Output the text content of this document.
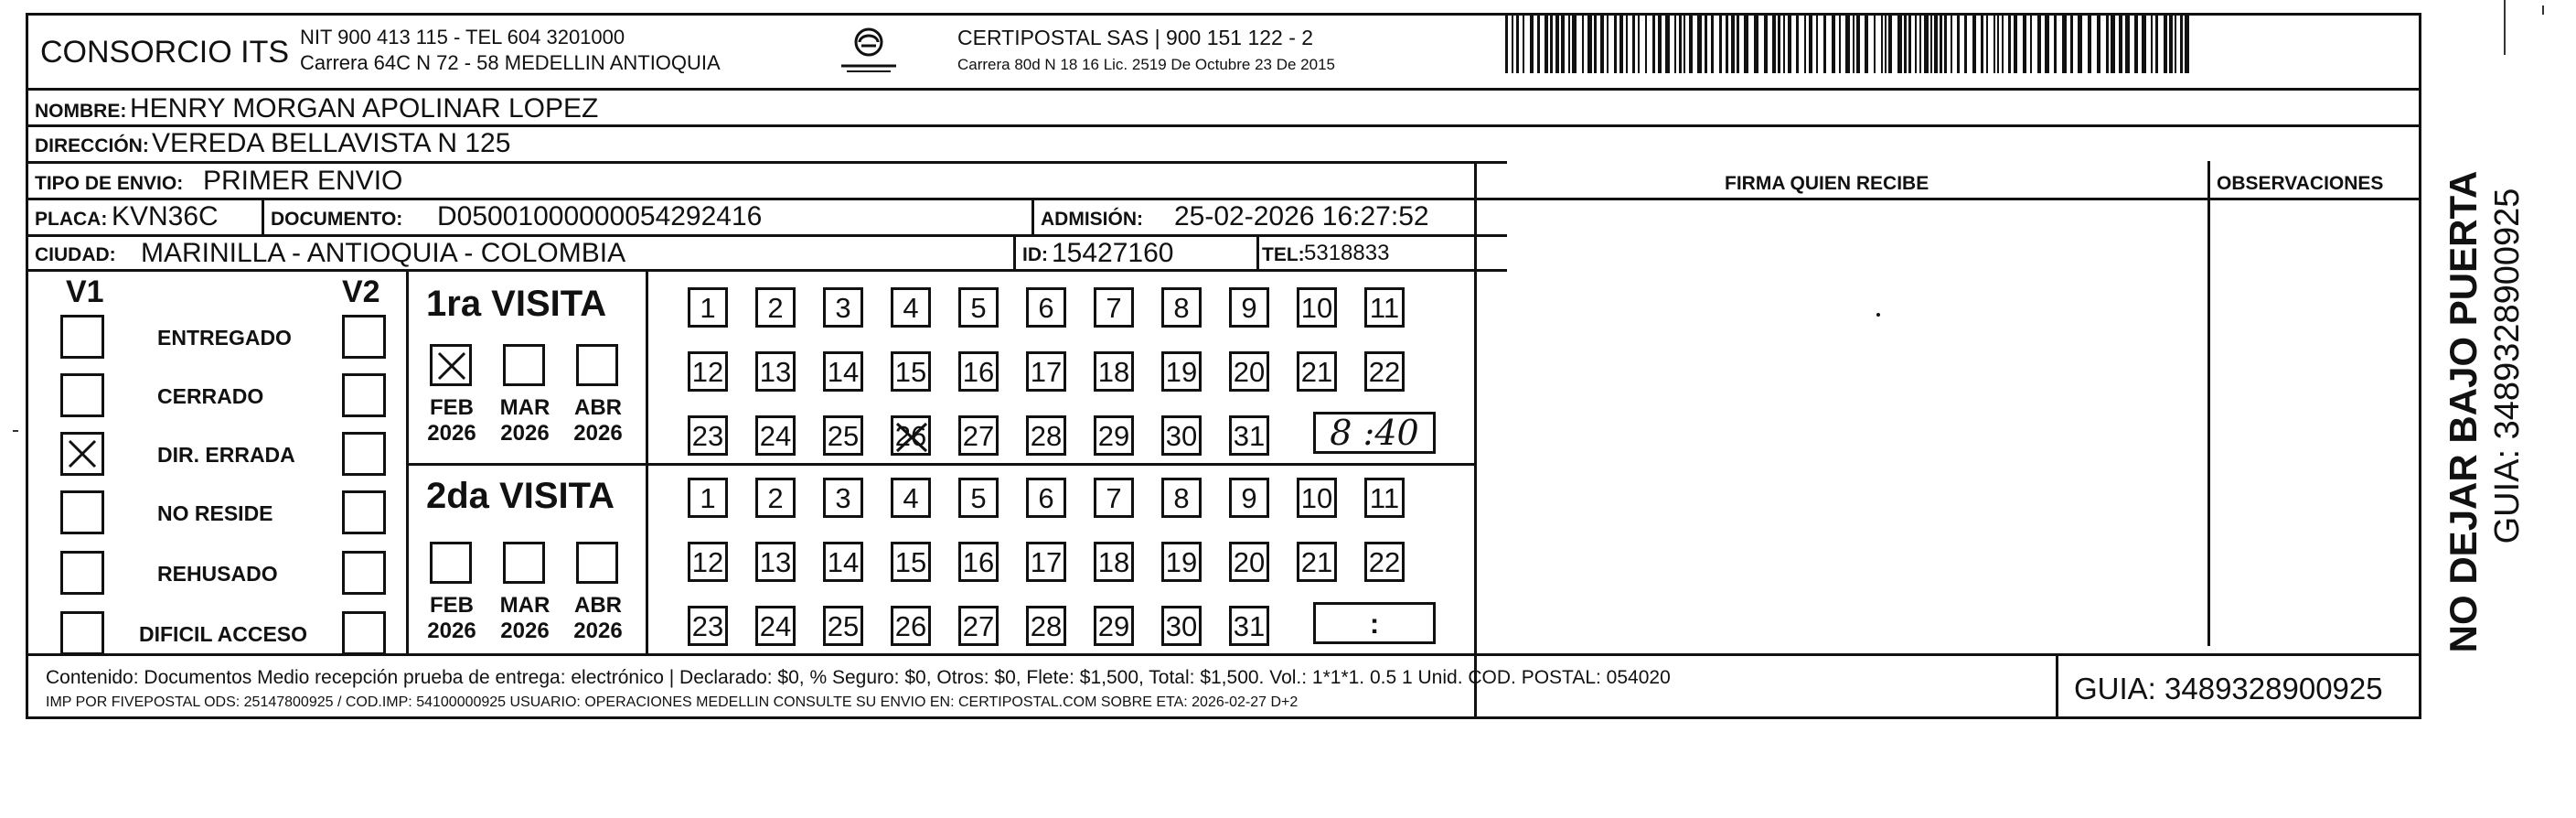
CONSORCIO ITS NIT 900 413 115 - TEL 604 3201000
Carrera 64C N 72 - 58 MEDELLIN ANTIOQUIA
CERTIPOSTAL SAS | 900 151 122 - 2
Carrera 80d N 18 16 Lic. 2519 De Octubre 23 De 2015
NOMBRE: HENRY MORGAN APOLINAR LOPEZ
DIRECCIÓN: VEREDA BELLAVISTA N 125
TIPO DE ENVIO: PRIMER ENVIO	FIRMA QUIEN RECIBE	OBSERVACIONES
PLACA: KVN36C	DOCUMENTO: D05001000000054292416	ADMISIÓN: 25-02-2026 16:27:52
CIUDAD: MARINILLA - ANTIOQUIA - COLOMBIA	ID: 15427160	TEL: 5318833
V1	V2
ENTREGADO
CERRADO
DIR. ERRADA
NO RESIDE
REHUSADO
DIFICIL ACCESO
1ra VISITA
2da VISITA
FEB
2026
MAR
2026
ABR
2026
FEB
2026
MAR
2026
ABR
2026
1	2	3	4	5	6	7	8	9	10 11
12 13 14 15 16 17 18 19 20 21 22
23 24 25 26 27 28 29 30 31
1	2	3	4	5	6	7	8	9	10 11
12 13 14 15 16 17 18 19 20 21 22
23 24 25 26 27 28 29 30 31
8 :40
:
Contenido: Documentos Medio recepción prueba de entrega: electrónico | Declarado: $0, % Seguro: $0, Otros: $0, Flete: $1,500, Total: $1,500. Vol.: 1*1*1. 0.5 1 Unid. COD. POSTAL: 054020
IMP POR FIVEPOSTAL ODS: 25147800925 / COD.IMP: 54100000925 USUARIO: OPERACIONES MEDELLIN CONSULTE SU ENVIO EN: CERTIPOSTAL.COM SOBRE ETA: 2026-02-27 D+2	GUIA: 3489328900925
NO DEJAR BAJO PUERTA GUIA: 3489328900925
